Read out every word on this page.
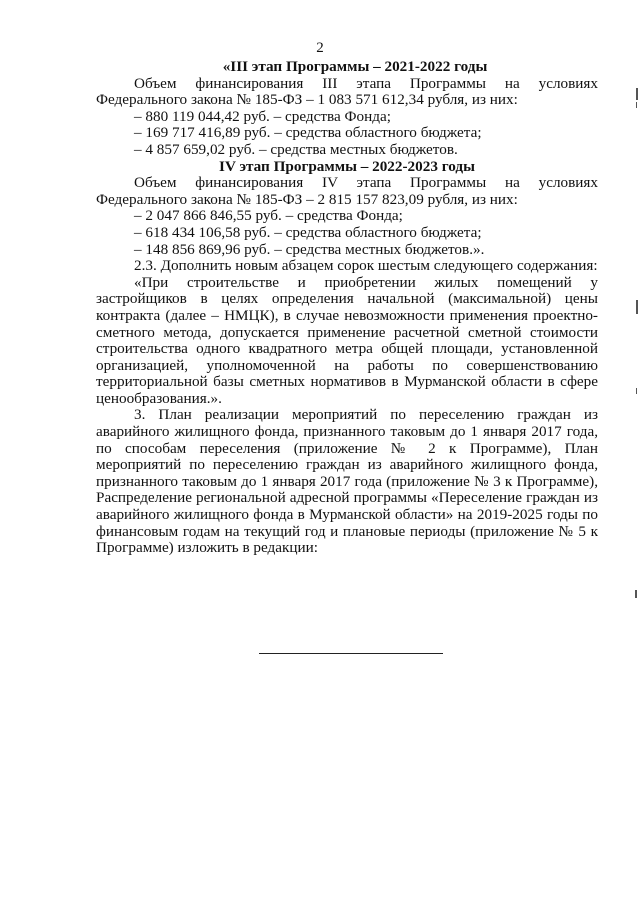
2

«III этап Программы – 2021-2022 годы

Объем финансирования III этапа Программы на условиях Федерального закона № 185-ФЗ – 1 083 571 612,34 рубля, из них:

– 880 119 044,42 руб. – средства Фонда;

– 169 717 416,89 руб. – средства областного бюджета;

– 4 857 659,02 руб. – средства местных бюджетов.

IV этап Программы – 2022-2023 годы

Объем финансирования IV этапа Программы на условиях Федерального закона № 185-ФЗ – 2 815 157 823,09 рубля, из них:

– 2 047 866 846,55 руб. – средства Фонда;

– 618 434 106,58 руб. – средства областного бюджета;

– 148 856 869,96 руб. – средства местных бюджетов.».

2.3. Дополнить новым абзацем сорок шестым следующего содержания:

«При строительстве и приобретении жилых помещений у застройщиков в целях определения начальной (максимальной) цены контракта (далее – НМЦК), в случае невозможности применения проектно-сметного метода, допускается применение расчетной сметной стоимости строительства одного квадратного метра общей площади, установленной организацией, уполномоченной на работы по совершенствованию территориальной базы сметных нормативов в Мурманской области в сфере ценообразования.».

3. План реализации мероприятий по переселению граждан из аварийного жилищного фонда, признанного таковым до 1 января 2017 года, по способам переселения (приложение № 2 к Программе), План мероприятий по переселению граждан из аварийного жилищного фонда, признанного таковым до 1 января 2017 года (приложение № 3 к Программе), Распределение региональной адресной программы «Переселение граждан из аварийного жилищного фонда в Мурманской области» на 2019-2025 годы по финансовым годам на текущий год и плановые периоды (приложение № 5 к Программе) изложить в редакции:
